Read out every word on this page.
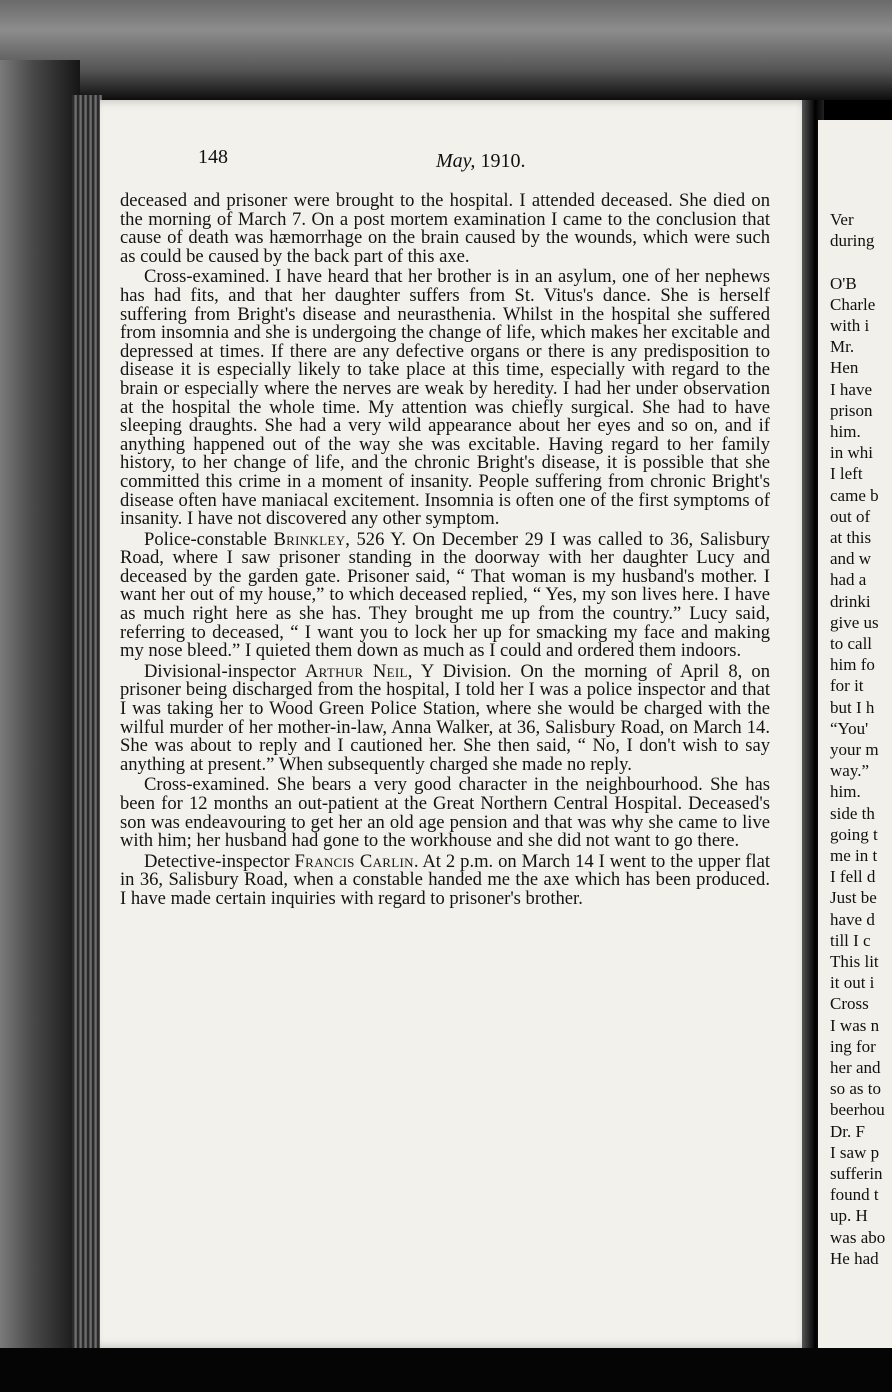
148	May, 1910.

deceased and prisoner were brought to the hospital. I attended deceased. She died on the morning of March 7. On a post mortem examination I came to the conclusion that cause of death was hæmorrhage on the brain caused by the wounds, which were such as could be caused by the back part of this axe.

Cross-examined. I have heard that her brother is in an asylum, one of her nephews has had fits, and that her daughter suffers from St. Vitus's dance. She is herself suffering from Bright's disease and neurasthenia. Whilst in the hospital she suffered from insomnia and she is undergoing the change of life, which makes her excitable and depressed at times. If there are any defective organs or there is any predisposition to disease it is especially likely to take place at this time, especially with regard to the brain or especially where the nerves are weak by heredity. I had her under observation at the hospital the whole time. My attention was chiefly surgical. She had to have sleeping draughts. She had a very wild appearance about her eyes and so on, and if anything happened out of the way she was excitable. Having regard to her family history, to her change of life, and the chronic Bright's disease, it is possible that she committed this crime in a moment of insanity. People suffering from chronic Bright's disease often have maniacal excitement. Insomnia is often one of the first symptoms of insanity. I have not discovered any other symptom.

Police-constable Brinkley, 526 Y. On December 29 I was called to 36, Salisbury Road, where I saw prisoner standing in the doorway with her daughter Lucy and deceased by the garden gate. Prisoner said, “ That woman is my husband's mother. I want her out of my house,” to which deceased replied, “ Yes, my son lives here. I have as much right here as she has. They brought me up from the country.” Lucy said, referring to deceased, “ I want you to lock her up for smacking my face and making my nose bleed.” I quieted them down as much as I could and ordered them indoors.

Divisional-inspector Arthur Neil, Y Division. On the morning of April 8, on prisoner being discharged from the hospital, I told her I was a police inspector and that I was taking her to Wood Green Police Station, where she would be charged with the wilful murder of her mother-in-law, Anna Walker, at 36, Salisbury Road, on March 14. She was about to reply and I cautioned her. She then said, “ No, I don't wish to say anything at present.” When subsequently charged she made no reply.

Cross-examined. She bears a very good character in the neighbourhood. She has been for 12 months an out-patient at the Great Northern Central Hospital. Deceased's son was endeavouring to get her an old age pension and that was why she came to live with him; her husband had gone to the workhouse and she did not want to go there.

Detective-inspector Francis Carlin. At 2 p.m. on March 14 I went to the upper flat in 36, Salisbury Road, when a constable handed me the axe which has been produced. I have made certain inquiries with regard to prisoner's brother.

Ver
during
O'B
Charle
with i
Mr.
Hen
I have
prison
him.
in whi
I left
came b
out of
at this
and w
had a
drinki
give us
to call
him fo
for it
but I h
“You'
your m
way.”
him.
side th
going t
me in t
I fell d
Just be
have d
till I c
This lit
it out i
Cross
I was n
ing for
her and
so as to
beerhou
Dr. F
I saw p
sufferin
found t
up. H
was abo
He had
